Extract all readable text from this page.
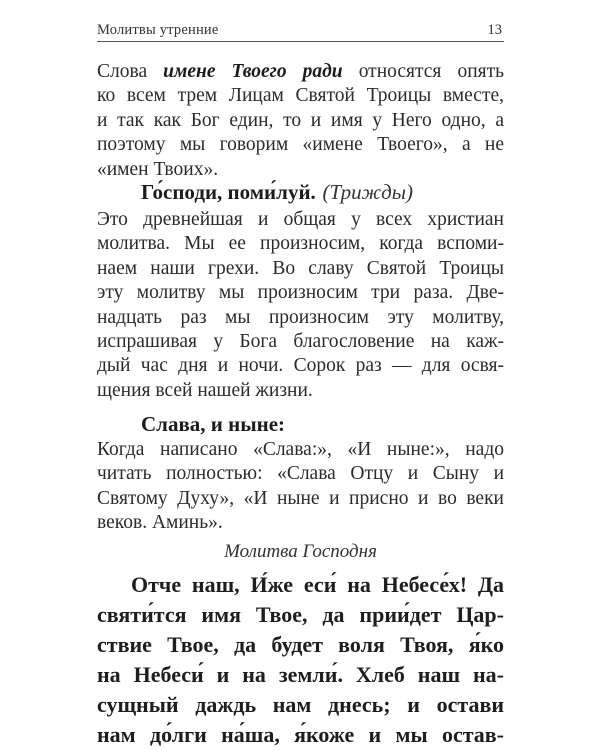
Молитвы утренние	13
Слова имене Твоего ради относятся опять
ко всем трем Лицам Святой Троицы вместе,
и так как Бог един, то и имя у Него одно, а
поэтому мы говорим «имене Твоего», а не
«имен Твоих».
Го́споди, поми́луй. (Трижды)
Это древнейшая и общая у всех христиан
молитва. Мы ее произносим, когда вспоми-
наем наши грехи. Во славу Святой Троицы
эту молитву мы произносим три раза. Две-
надцать раз мы произносим эту молитву,
испрашивая у Бога благословение на каж-
дый час дня и ночи. Сорок раз — для освя-
щения всей нашей жизни.
Слава, и ныне:
Когда написано «Слава:», «И ныне:», надо
читать полностью: «Слава Отцу и Сыну и
Святому Духу», «И ныне и присно и во веки
веков. Аминь».
Молитва Господня
Отче наш, И́же еси́ на Небесе́х! Да
святи́тся имя Твое, да прии́дет Цар-
ствие Твое, да будет воля Твоя, я́ко
на Небеси́ и на земли́. Хлеб наш на-
сущный даждь нам днесь; и остави
нам до́лги на́ша, я́коже и мы остав-
